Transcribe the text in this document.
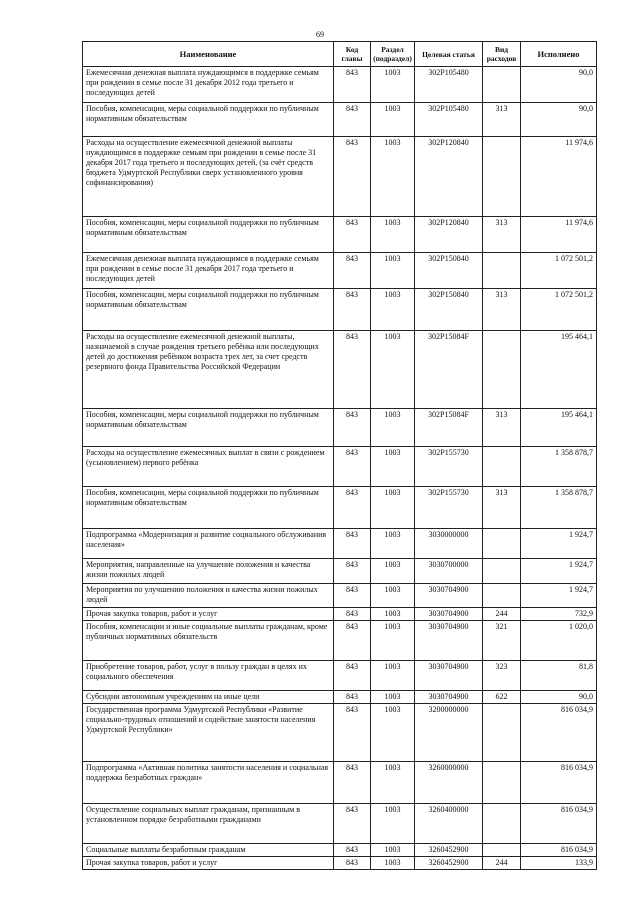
69
Наименование	Код главы	Раздел (подраздел)	Целевая статья	Вид расходов	Исполнено
Ежемесячная денежная выплата нуждающимся в поддержке семьям при рождении в семье после 31 декабря 2012 года третьего и последующих детей	843	1003	302P105480		90,0
Пособия, компенсации, меры социальной поддержки по публичным нормативным обязательствам	843	1003	302P105480	313	90,0
Расходы на осуществление ежемесячной денежной выплаты нуждающимся в поддержке семьям при рождении в семье после 31 декабря 2017 года третьего и последующих детей, (за счёт средств бюджета Удмуртской Республики сверх установленного уровня софинансирования)	843	1003	302P120840		11 974,6
Пособия, компенсации, меры социальной поддержки по публичным нормативным обязательствам	843	1003	302P120840	313	11 974,6
Ежемесячная денежная выплата нуждающимся в поддержке семьям при рождении в семье после 31 декабря 2017 года третьего и последующих детей	843	1003	302P150840		1 072 501,2
Пособия, компенсации, меры социальной поддержки по публичным нормативным обязательствам	843	1003	302P150840	313	1 072 501,2
Расходы на осуществление ежемесячной денежной выплаты, назначаемой в случае рождения третьего ребёнка или последующих детей до достижения ребёнком возраста трех лет, за счет средств резервного фонда Правительства Российской Федерации	843	1003	302P15084F		195 464,1
Пособия, компенсации, меры социальной поддержки по публичным нормативным обязательствам	843	1003	302P15084F	313	195 464,1
Расходы на осуществление ежемесячных выплат в связи с рождением (усыновлением) первого ребёнка	843	1003	302P155730		1 358 878,7
Пособия, компенсации, меры социальной поддержки по публичным нормативным обязательствам	843	1003	302P155730	313	1 358 878,7
Подпрограмма «Модернизация и развитие социального обслуживания населения»	843	1003	3030000000		1 924,7
Мероприятия, направленные на улучшение положения и качества жизни пожилых людей	843	1003	3030700000		1 924,7
Мероприятия по улучшению положения и качества жизни пожилых людей	843	1003	3030704900		1 924,7
Прочая закупка товаров, работ и услуг	843	1003	3030704900	244	732,9
Пособия, компенсации и иные социальные выплаты гражданам, кроме публичных нормативных обязательств	843	1003	3030704900	321	1 020,0
Приобретение товаров, работ, услуг в пользу граждан в целях их социального обеспечения	843	1003	3030704900	323	81,8
Субсидии автономным учреждениям на иные цели	843	1003	3030704900	622	90,0
Государственная программа Удмуртской Республики «Развитие социально-трудовых отношений и содействие занятости населения Удмуртской Республики»	843	1003	3200000000		816 034,9
Подпрограмма «Активная политика занятости населения и социальная поддержка безработных граждан»	843	1003	3260000000		816 034,9
Осуществление социальных выплат гражданам, признанным в установленном порядке безработными гражданами	843	1003	3260400000		816 034,9
Социальные выплаты безработным гражданам	843	1003	3260452900		816 034,9
Прочая закупка товаров, работ и услуг	843	1003	3260452900	244	133,9
